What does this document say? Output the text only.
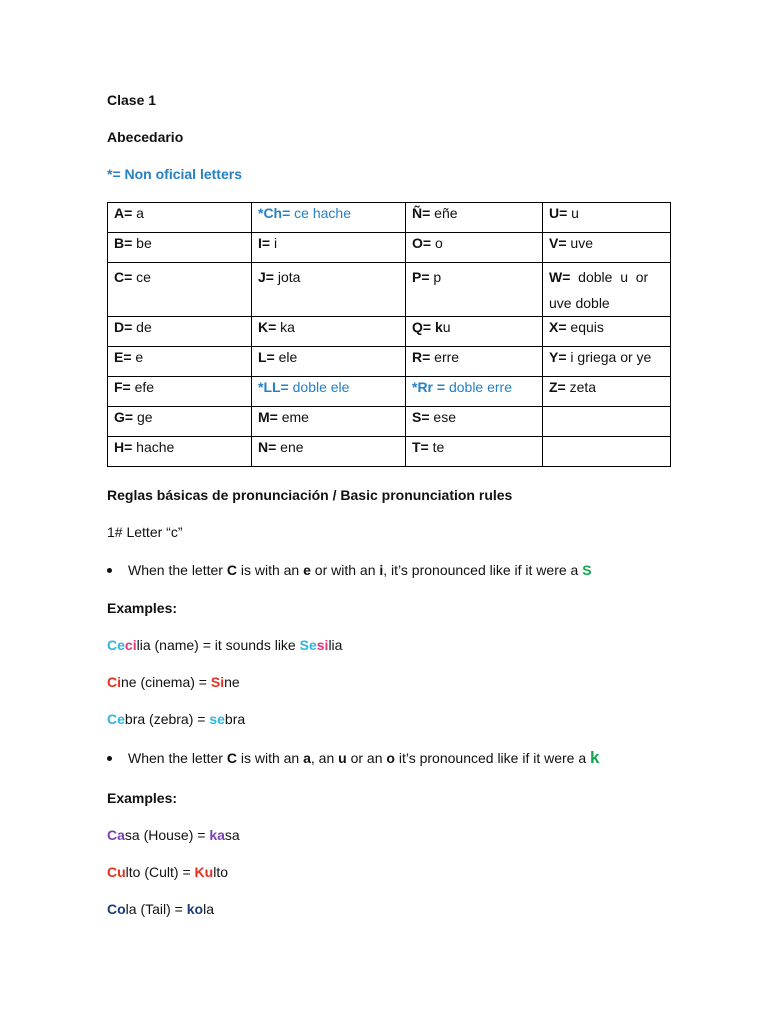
Clase 1
Abecedario
*= Non oficial letters
A= a	*Ch= ce hache	Ñ= eñe	U= u

B= be	I= i	O= o	V= uve

C= ce	J= jota	P= p	W=  doble  u  or
uve doble

D= de	K= ka	Q= ku	X= equis

E= e	L= ele	R= erre	Y= i griega or ye

F= efe	*LL= doble ele	*Rr = doble erre	Z= zeta

G= ge	M= eme	S= ese	

H= hache	N= ene	T= te	

Reglas básicas de pronunciación / Basic pronunciation rules
1# Letter “c”
When the letter C is with an e or with an i, it’s pronounced like if it were a S
Examples:
Cecilia (name) = it sounds like Sesilia
Cine (cinema) = Sine
Cebra (zebra) = sebra
When the letter C is with an a, an u or an o it’s pronounced like if it were a k
Examples:
Casa (House) = kasa
Culto (Cult) = Kulto
Cola (Tail) = kola
